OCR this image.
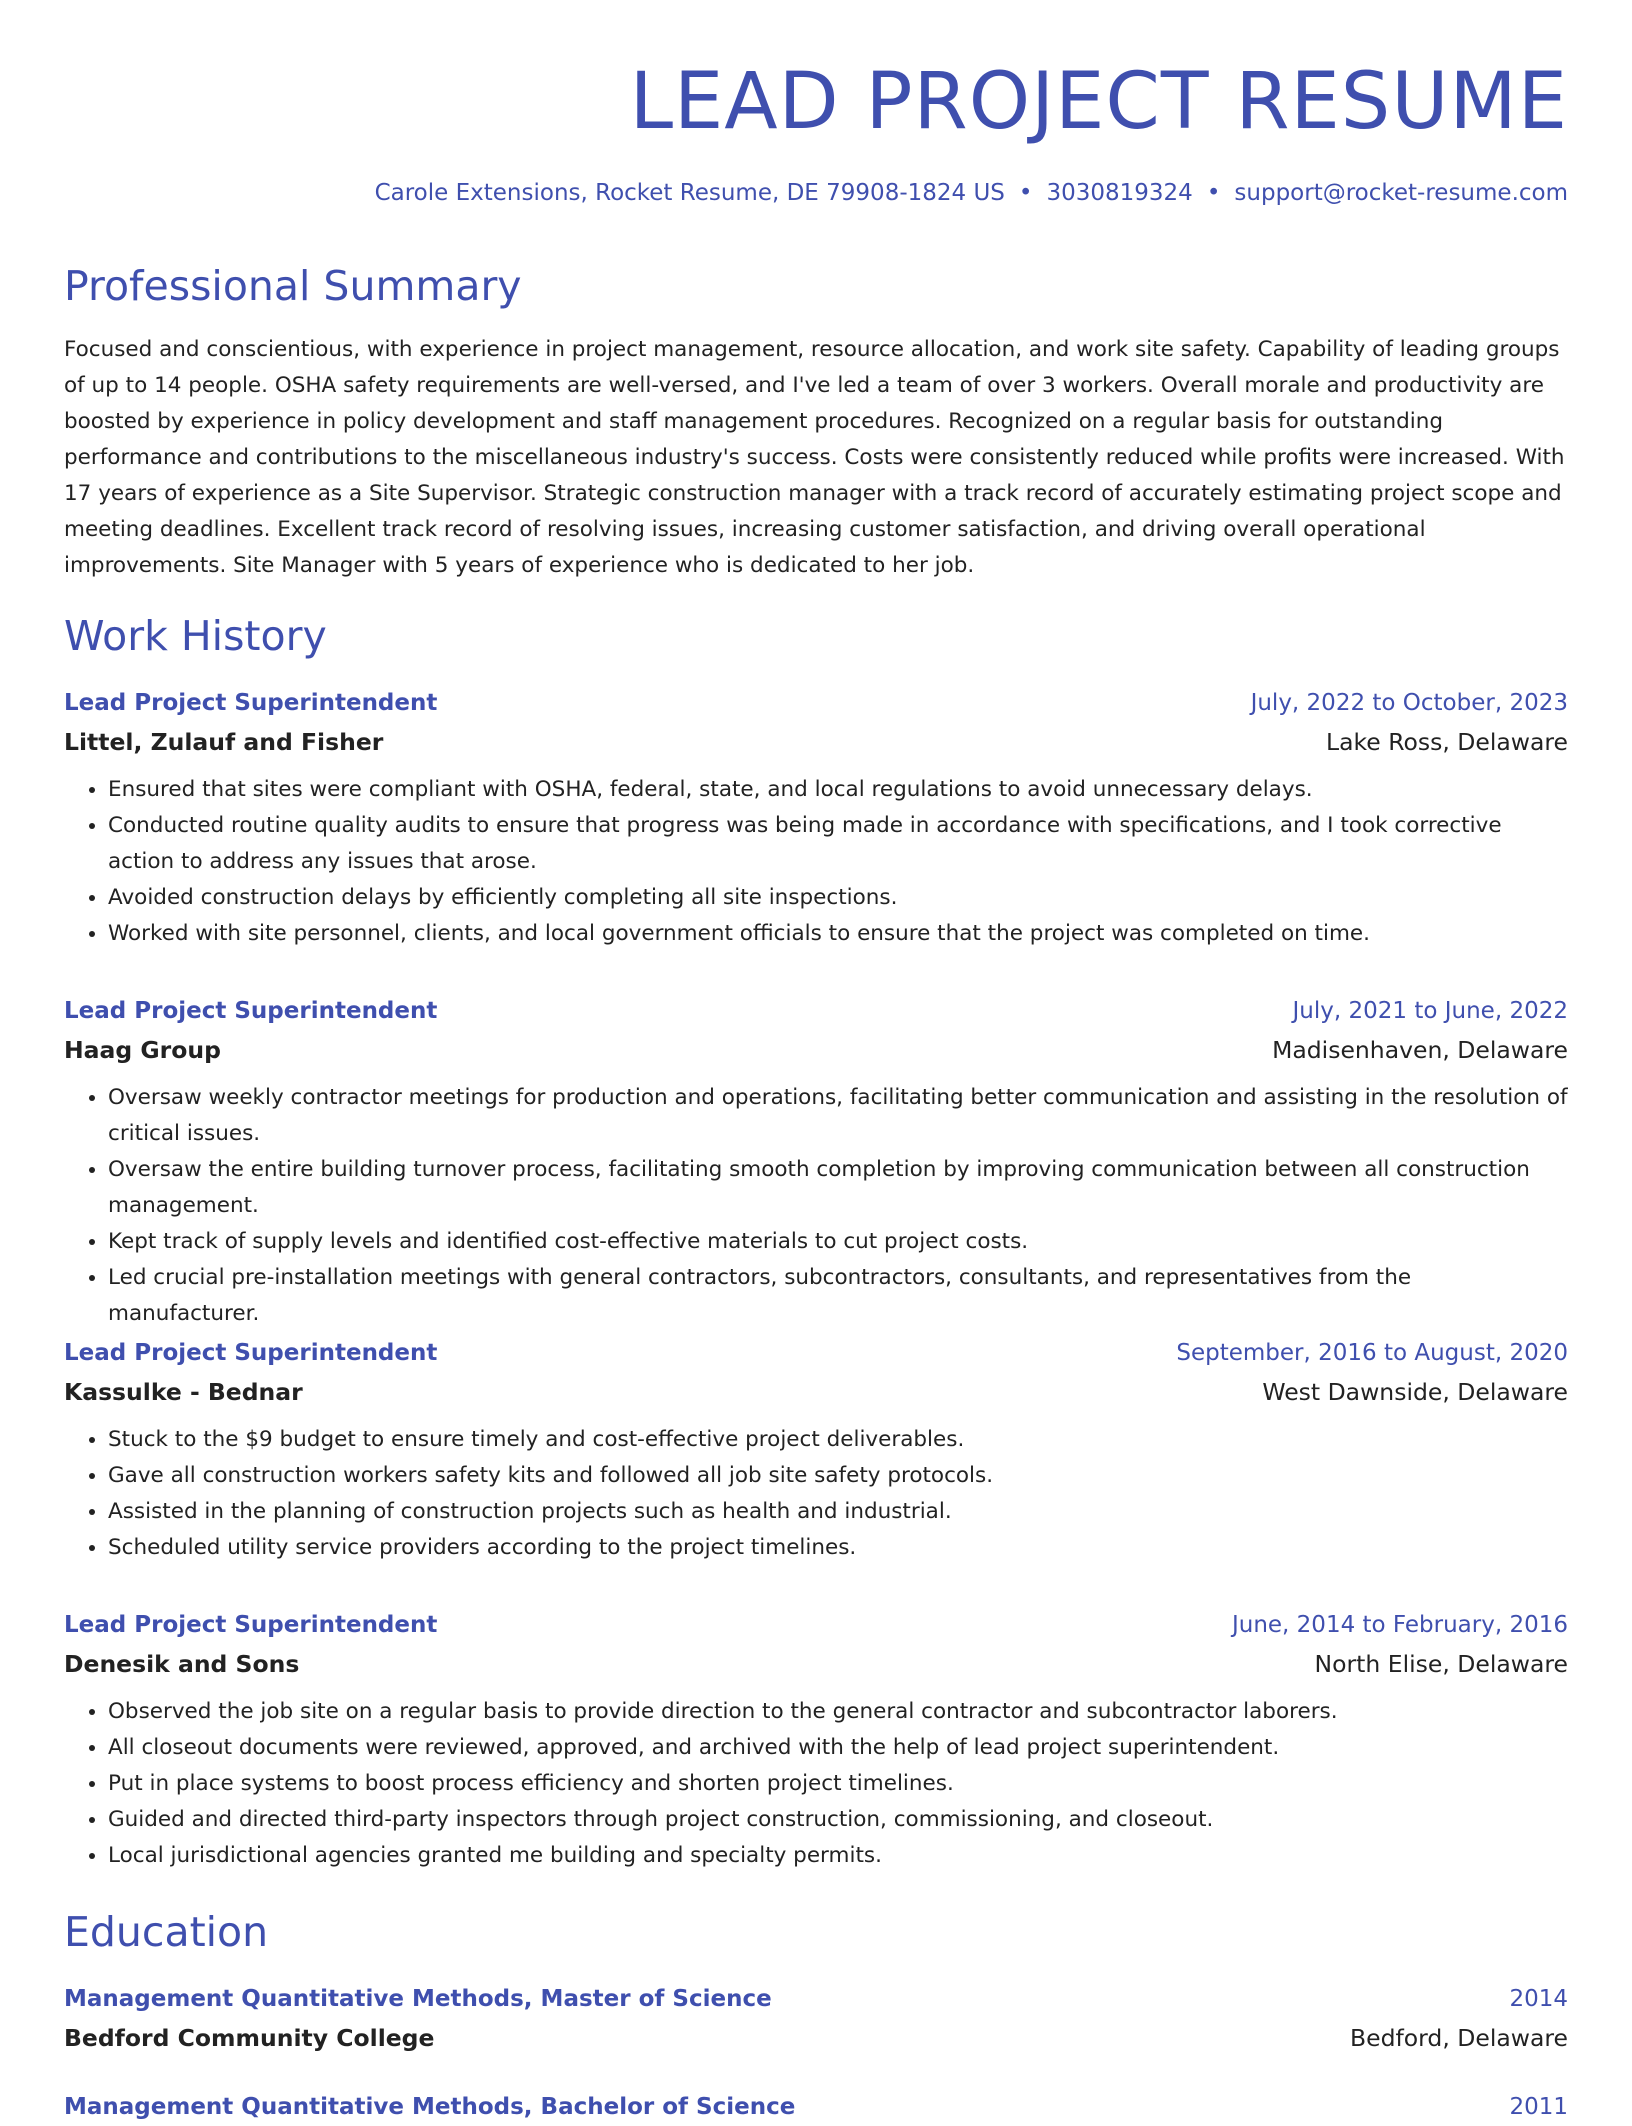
LEAD PROJECT RESUME
Carole Extensions, Rocket Resume, DE 79908-1824 US • 3030819324 • support@rocket-resume.com
Professional Summary

Focused and conscientious, with experience in project management, resource allocation, and work site safety. Capability of leading groups of up to 14 people. OSHA safety requirements are well-versed, and I've led a team of over 3 workers. Overall morale and productivity are boosted by experience in policy development and staff management procedures. Recognized on a regular basis for outstanding performance and contributions to the miscellaneous industry's success. Costs were consistently reduced while profits were increased. With 17 years of experience as a Site Supervisor. Strategic construction manager with a track record of accurately estimating project scope and meeting deadlines. Excellent track record of resolving issues, increasing customer satisfaction, and driving overall operational improvements. Site Manager with 5 years of experience who is dedicated to her job.

Work History
Lead Project Superintendent	July, 2022 to October, 2023
Littel, Zulauf and Fisher	Lake Ross, Delaware
• Ensured that sites were compliant with OSHA, federal, state, and local regulations to avoid unnecessary delays.
• Conducted routine quality audits to ensure that progress was being made in accordance with specifications, and I took corrective action to address any issues that arose.
• Avoided construction delays by efficiently completing all site inspections.
• Worked with site personnel, clients, and local government officials to ensure that the project was completed on time.
Lead Project Superintendent	July, 2021 to June, 2022
Haag Group	Madisenhaven, Delaware
• Oversaw weekly contractor meetings for production and operations, facilitating better communication and assisting in the resolution of critical issues.
• Oversaw the entire building turnover process, facilitating smooth completion by improving communication between all construction management.
• Kept track of supply levels and identified cost-effective materials to cut project costs.
• Led crucial pre-installation meetings with general contractors, subcontractors, consultants, and representatives from the manufacturer.
Lead Project Superintendent	September, 2016 to August, 2020
Kassulke - Bednar	West Dawnside, Delaware
• Stuck to the $9 budget to ensure timely and cost-effective project deliverables.
• Gave all construction workers safety kits and followed all job site safety protocols.
• Assisted in the planning of construction projects such as health and industrial.
• Scheduled utility service providers according to the project timelines.
Lead Project Superintendent	June, 2014 to February, 2016
Denesik and Sons	North Elise, Delaware
• Observed the job site on a regular basis to provide direction to the general contractor and subcontractor laborers.
• All closeout documents were reviewed, approved, and archived with the help of lead project superintendent.
• Put in place systems to boost process efficiency and shorten project timelines.
• Guided and directed third-party inspectors through project construction, commissioning, and closeout.
• Local jurisdictional agencies granted me building and specialty permits.
Education
Management Quantitative Methods, Master of Science	2014
Bedford Community College	Bedford, Delaware
Management Quantitative Methods, Bachelor of Science	2011
